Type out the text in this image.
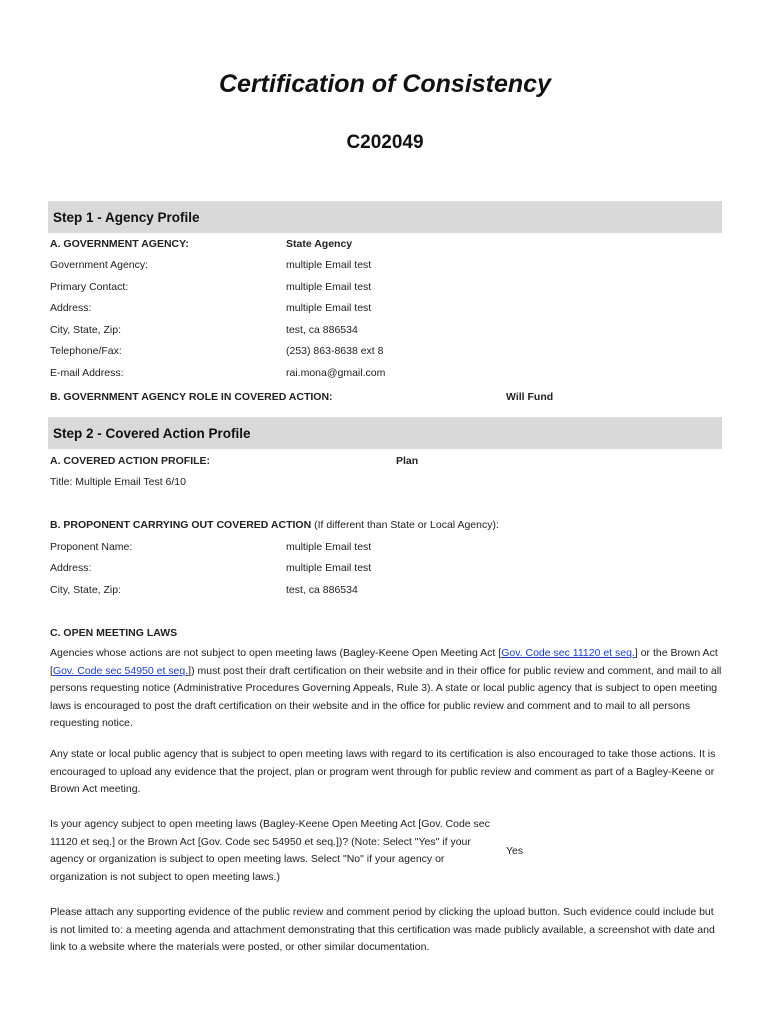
Certification of Consistency
C202049
Step 1 - Agency Profile
A. GOVERNMENT AGENCY:	State Agency
Government Agency:	multiple Email test
Primary Contact:	multiple Email test
Address:	multiple Email test
City, State, Zip:	test, ca 886534
Telephone/Fax:	(253) 863-8638 ext 8
E-mail Address:	rai.mona@gmail.com
B. GOVERNMENT AGENCY ROLE IN COVERED ACTION:	Will Fund
Step 2 - Covered Action Profile
A. COVERED ACTION PROFILE:	Plan
Title: Multiple Email Test 6/10
B. PROPONENT CARRYING OUT COVERED ACTION (If different than State or Local Agency):
Proponent Name:	multiple Email test
Address:	multiple Email test
City, State, Zip:	test, ca 886534
C. OPEN MEETING LAWS
Agencies whose actions are not subject to open meeting laws (Bagley-Keene Open Meeting Act [Gov. Code sec 11120 et seq.] or the Brown Act [Gov. Code sec 54950 et seq.]) must post their draft certification on their website and in their office for public review and comment, and mail to all persons requesting notice (Administrative Procedures Governing Appeals, Rule 3). A state or local public agency that is subject to open meeting laws is encouraged to post the draft certification on their website and in the office for public review and comment and to mail to all persons requesting notice.
Any state or local public agency that is subject to open meeting laws with regard to its certification is also encouraged to take those actions. It is encouraged to upload any evidence that the project, plan or program went through for public review and comment as part of a Bagley-Keene or Brown Act meeting.
Is your agency subject to open meeting laws (Bagley-Keene Open Meeting Act [Gov. Code sec 11120 et seq.] or the Brown Act [Gov. Code sec 54950 et seq.])? (Note: Select "Yes" if your agency or organization is subject to open meeting laws. Select "No" if your agency or organization is not subject to open meeting laws.)
Yes
Please attach any supporting evidence of the public review and comment period by clicking the upload button. Such evidence could include but is not limited to: a meeting agenda and attachment demonstrating that this certification was made publicly available, a screenshot with date and link to a website where the materials were posted, or other similar documentation.
